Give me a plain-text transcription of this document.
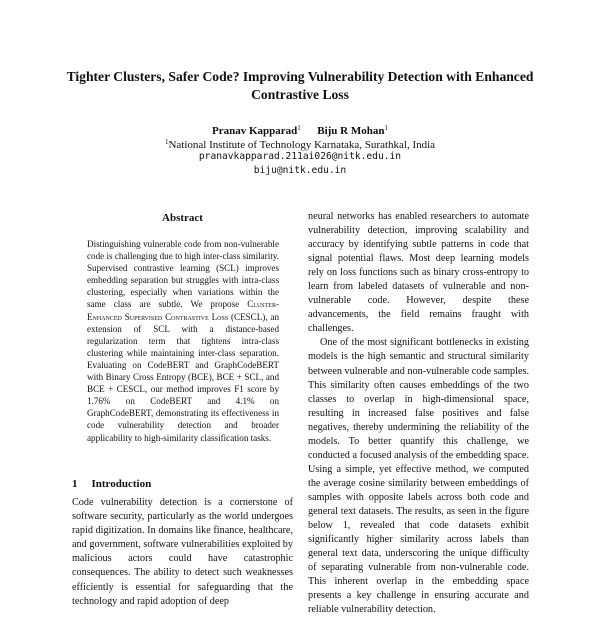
Tighter Clusters, Safer Code? Improving Vulnerability Detection with Enhanced Contrastive Loss
Pranav Kapparad$^1$ Biju R Mohan$^1$
$^1$National Institute of Technology Karnataka, Surathkal, India
pranavkapparad.211ai026@nitk.edu.in
biju@nitk.edu.in
Abstract
Distinguishing vulnerable code from non-vulnerable code is challenging due to high inter-class similarity. Supervised contrastive learning (SCL) improves embedding separation but struggles with intra-class clustering, especially when variations within the same class are subtle. We propose Cluster-Enhanced Supervised Contrastive Loss (CESCL), an extension of SCL with a distance-based regularization term that tightens intra-class clustering while maintaining inter-class separation. Evaluating on CodeBERT and GraphCodeBERT with Binary Cross Entropy (BCE), BCE + SCL, and BCE + CESCL, our method improves F1 score by 1.76% on CodeBERT and 4.1% on GraphCodeBERT, demonstrating its effectiveness in code vulnerability detection and broader applicability to high-similarity classification tasks.
1 Introduction
Code vulnerability detection is a cornerstone of software security, particularly as the world undergoes rapid digitization. In domains like finance, healthcare, and government, software vulnerabilities exploited by malicious actors could have catastrophic consequences. The ability to detect such weaknesses efficiently is essential for safeguarding that the technology and rapid adoption of deep

neural networks has enabled researchers to automate vulnerability detection, improving scalability and accuracy by identifying subtle patterns in code that signal potential flaws. Most deep learning models rely on loss functions such as binary cross-entropy to learn from labeled datasets of vulnerable and non-vulnerable code. However, despite these advancements, the field remains fraught with challenges.

One of the most significant bottlenecks in existing models is the high semantic and structural similarity between vulnerable and non-vulnerable code samples. This similarity often causes embeddings of the two classes to overlap in high-dimensional space, resulting in increased false positives and false negatives, thereby undermining the reliability of the models. To better quantify this challenge, we conducted a focused analysis of the embedding space. Using a simple, yet effective method, we computed the average cosine similarity between embeddings of samples with opposite labels across both code and general text datasets. The results, as seen in the figure below 1, revealed that code datasets exhibit significantly higher similarity across labels than general text data, underscoring the unique difficulty of separating vulnerable from non-vulnerable code. This inherent overlap in the embedding space presents a key challenge in ensuring accurate and reliable vulnerability detection.
